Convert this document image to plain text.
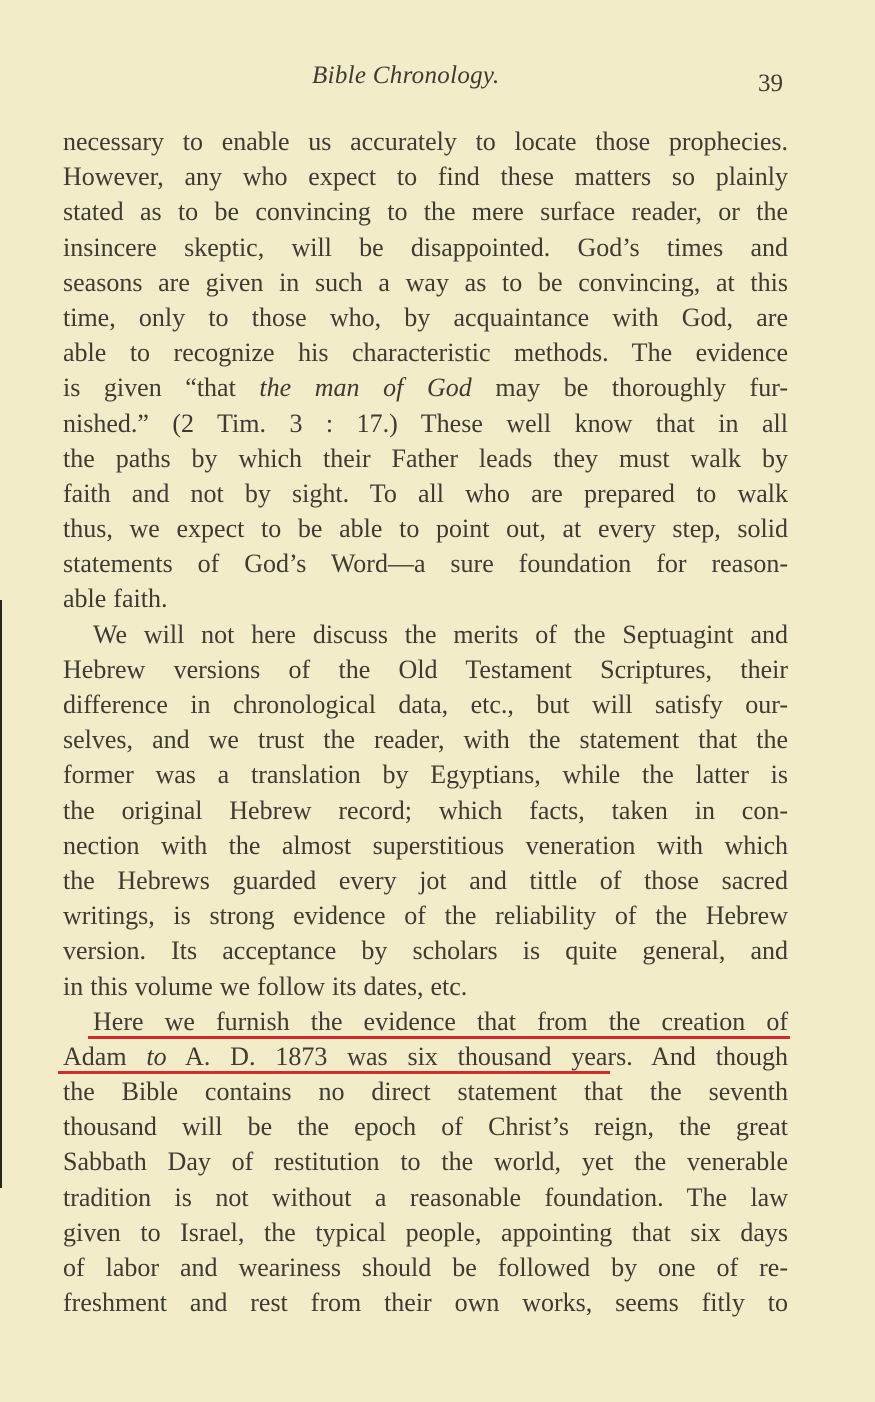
Bible Chronology.	39
necessary to enable us accurately to locate those prophecies.
However, any who expect to find these matters so plainly
stated as to be convincing to the mere surface reader, or the
insincere skeptic, will be disappointed. God’s times and
seasons are given in such a way as to be convincing, at this
time, only to those who, by acquaintance with God, are
able to recognize his characteristic methods. The evidence
is given “that the man of God may be thoroughly fur-
nished.” (2 Tim. 3 : 17.) These well know that in all
the paths by which their Father leads they must walk by
faith and not by sight. To all who are prepared to walk
thus, we expect to be able to point out, at every step, solid
statements of God’s Word—a sure foundation for reason-
able faith.
We will not here discuss the merits of the Septuagint and
Hebrew versions of the Old Testament Scriptures, their
difference in chronological data, etc., but will satisfy our-
selves, and we trust the reader, with the statement that the
former was a translation by Egyptians, while the latter is
the original Hebrew record; which facts, taken in con-
nection with the almost superstitious veneration with which
the Hebrews guarded every jot and tittle of those sacred
writings, is strong evidence of the reliability of the Hebrew
version. Its acceptance by scholars is quite general, and
in this volume we follow its dates, etc.
Here we furnish the evidence that from the creation of
Adam to A. D. 1873 was six thousand years. And though
the Bible contains no direct statement that the seventh
thousand will be the epoch of Christ’s reign, the great
Sabbath Day of restitution to the world, yet the venerable
tradition is not without a reasonable foundation. The law
given to Israel, the typical people, appointing that six days
of labor and weariness should be followed by one of re-
freshment and rest from their own works, seems fitly to
